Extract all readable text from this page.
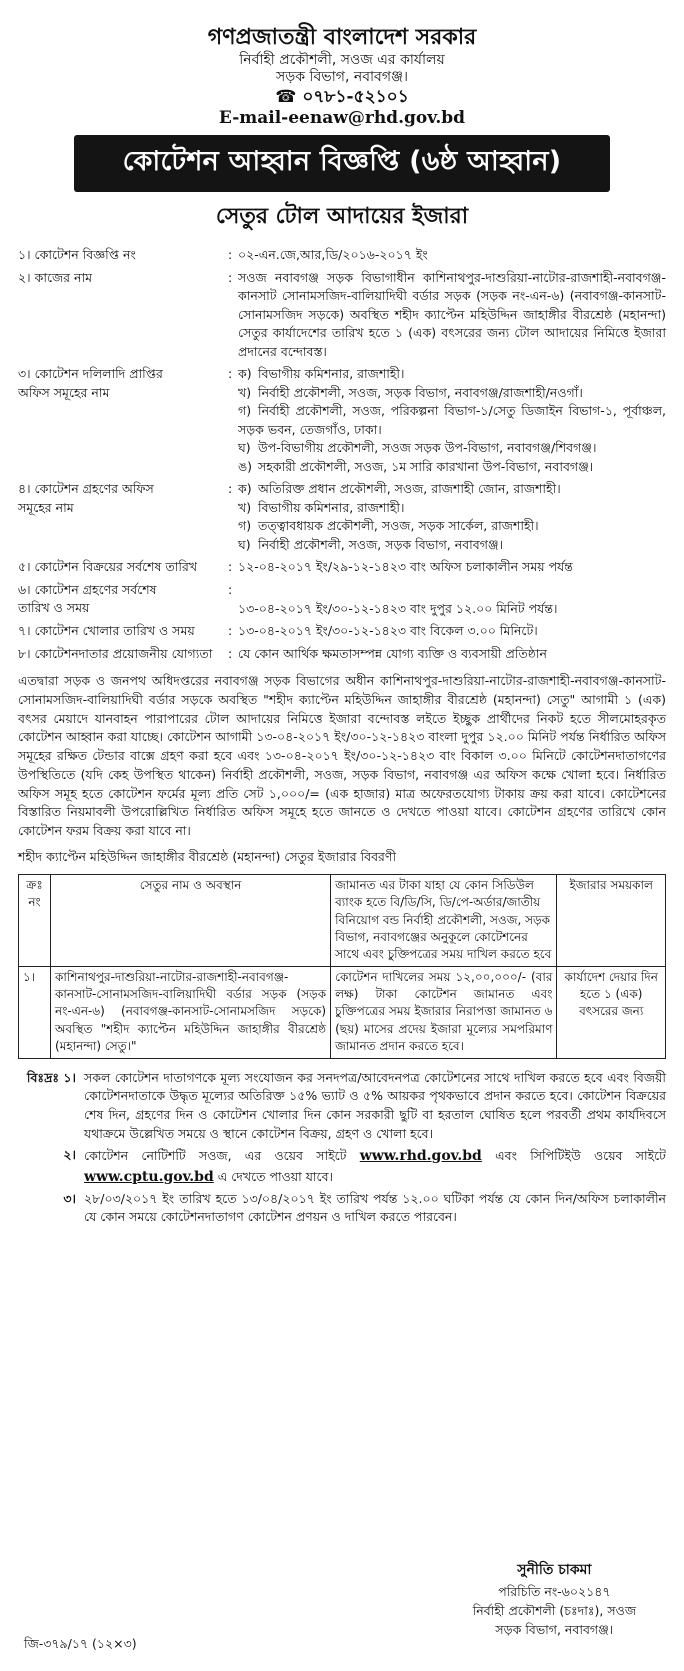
গণপ্রজাতন্ত্রী বাংলাদেশ সরকার
নির্বাহী প্রকৌশলী, সওজ এর কার্যালয়
সড়ক বিভাগ, নবাবগঞ্জ।
☎ ০৭৮১-৫২১০১
E-mail-eenaw@rhd.gov.bd
কোটেশন আহ্বান বিজ্ঞপ্তি (৬ষ্ঠ আহ্বান)
সেতুর টোল আদায়ের ইজারা
১। কোটেশন বিজ্ঞপ্তি নং	: ০২-এন.জে,আর,ডি/২০১৬-২০১৭ ইং
২। কাজের নাম	: সওজ নবাবগঞ্জ সড়ক বিভাগাধীন কাশিনাথপুর-দাশুরিয়া-নাটোর-রাজশাহী-নবাবগঞ্জ-কানসাট সোনামসজিদ-বালিয়াদিঘী বর্ডার সড়ক (সড়ক নং-এন-৬) (নবাবগঞ্জ-কানসাট-সোনামসজিদ সড়কে) অবস্থিত শহীদ ক্যাপ্টেন মহিউদ্দিন জাহাঙ্গীর বীরশ্রেষ্ঠ (মহানন্দা) সেতুর কার্যাদেশের তারিখ হতে ১ (এক) বৎসরের জন্য টোল আদায়ের নিমিত্তে ইজারা প্রদানের বন্দোবস্ত।
৩। কোটেশন দলিলাদি প্রাপ্তির
অফিস সমূহের নাম
: ক) বিভাগীয় কমিশনার, রাজশাহী।
খ) নির্বাহী প্রকৌশলী, সওজ, সড়ক বিভাগ, নবাবগঞ্জ/রাজশাহী/নওগাঁ।
গ) নির্বাহী প্রকৌশলী, সওজ, পরিকল্পনা বিভাগ-১/সেতু ডিজাইন বিভাগ-১, পূর্বাঞ্চল, সড়ক ভবন, তেজগাঁও, ঢাকা।
ঘ) উপ-বিভাগীয় প্রকৌশলী, সওজ সড়ক উপ-বিভাগ, নবাবগঞ্জ/শিবগঞ্জ।
ঙ) সহকারী প্রকৌশলী, সওজ, ১ম সারি কারখানা উপ-বিভাগ, নবাবগঞ্জ।
৪। কোটেশন গ্রহণের অফিস
সমূহের নাম
: ক) অতিরিক্ত প্রধান প্রকৌশলী, সওজ, রাজশাহী জোন, রাজশাহী।
খ) বিভাগীয় কমিশনার, রাজশাহী।
গ) তত্ত্বাবধায়ক প্রকৌশলী, সওজ, সড়ক সার্কেল, রাজশাহী।
ঘ) নির্বাহী প্রকৌশলী, সওজ, সড়ক বিভাগ, নবাবগঞ্জ।
৫। কোটেশন বিক্রয়ের সর্বশেষ তারিখ	: ১২-০৪-২০১৭ ইং/২৯-১২-১৪২৩ বাং অফিস চলাকালীন সময় পর্যন্ত
৬। কোটেশন গ্রহণের সর্বশেষ
তারিখ ও সময়
:
১৩-০৪-২০১৭ ইং/৩০-১২-১৪২৩ বাং দুপুর ১২.০০ মিনিট পর্যন্ত।
৭। কোটেশন খোলার তারিখ ও সময়	: ১৩-০৪-২০১৭ ইং/৩০-১২-১৪২৩ বাং বিকেল ৩.০০ মিনিটে।
৮। কোটেশনদাতার প্রয়োজনীয় যোগ্যতা	: যে কোন আর্থিক ক্ষমতাসম্পন্ন যোগ্য ব্যক্তি ও ব্যবসায়ী প্রতিষ্ঠান
এতদ্বারা সড়ক ও জনপথ অধিদপ্তরের নবাবগঞ্জ সড়ক বিভাগের অধীন কাশিনাথপুর-দাশুরিয়া-নাটোর-রাজশাহী-নবাবগঞ্জ-কানসাট-সোনামসজিদ-বালিয়াদিঘী বর্ডার সড়কে অবস্থিত "শহীদ ক্যাপ্টেন মহিউদ্দিন জাহাঙ্গীর বীরশ্রেষ্ঠ (মহানন্দা) সেতু" আগামী ১ (এক) বৎসর মেয়াদে যানবাহন পারাপারের টোল আদায়ের নিমিত্তে ইজারা বন্দোবস্ত লইতে ইচ্ছুক প্রার্থীদের নিকট হতে সীলমোহরকৃত কোটেশন আহ্বান করা যাচ্ছে। কোটেশন আগামী ১৩-০৪-২০১৭ ইং/৩০-১২-১৪২৩ বাংলা দুপুর ১২.০০ মিনিট পর্যন্ত নির্ধারিত অফিস সমূহের রক্ষিত টেন্ডার বাক্সে গ্রহণ করা হবে এবং ১৩-০৪-২০১৭ ইং/৩০-১২-১৪২৩ বাং বিকাল ৩.০০ মিনিটে কোটেশনদাতাগণের উপস্থিতিতে (যদি কেহ উপস্থিত থাকেন) নির্বাহী প্রকৌশলী, সওজ, সড়ক বিভাগ, নবাবগঞ্জ এর অফিস কক্ষে খোলা হবে। নির্ধারিত অফিস সমূহ হতে কোটেশন ফর্মের মূল্য প্রতি সেট ১,০০০/= (এক হাজার) মাত্র অফেরতযোগ্য টাকায় ক্রয় করা যাবে। কোটেশনের বিস্তারিত নিয়মাবলী উপরোল্লিখিত নির্ধারিত অফিস সমূহে হতে জানতে ও দেখতে পাওয়া যাবে। কোটেশন গ্রহণের তারিখে কোন কোটেশন ফরম বিক্রয় করা যাবে না।
শহীদ ক্যাপ্টেন মহিউদ্দিন জাহাঙ্গীর বীরশ্রেষ্ঠ (মহানন্দা) সেতুর ইজারার বিবরণী
ক্রঃ নং	সেতুর নাম ও অবস্থান	জামানত এর টাকা যাহা যে কোন সিডিউল ব্যাংক হতে বি/ডি/সি, ডি/পে-অর্ডার/জাতীয় বিনিয়োগ বন্ড নির্বাহী প্রকৌশলী, সওজ, সড়ক বিভাগ, নবাবগঞ্জের অনুকূলে কোটেশনের সাথে এবং চুক্তিপত্রের সময় দাখিল করতে হবে	ইজারার সময়কাল
১।	কাশিনাথপুর-দাশুরিয়া-নাটোর-রাজশাহী-নবাবগঞ্জ-কানসাট-সোনামসজিদ-বালিয়াদিঘী বর্ডার সড়ক (সড়ক নং-এন-৬) (নবাবগঞ্জ-কানসাট-সোনামসজিদ সড়কে) অবস্থিত "শহীদ ক্যাপ্টেন মহিউদ্দিন জাহাঙ্গীর বীরশ্রেষ্ঠ (মহানন্দা) সেতু।"	কোটেশন দাখিলের সময় ১২,০০,০০০/- (বার লক্ষ) টাকা কোটেশন জামানত এবং চুক্তিপত্রের সময় ইজারার নিরাপত্তা জামানত ৬ (ছয়) মাসের প্রদেয় ইজারা মূল্যের সমপরিমাণ জামানত প্রদান করতে হবে।	কার্যাদেশ দেয়ার দিন হতে ১ (এক) বৎসরের জন্য
বিঃদ্রঃ ১। সকল কোটেশন দাতাগণকে মূল্য সংযোজন কর সনদপত্র/আবেদনপত্র কোটেশনের সাথে দাখিল করতে হবে এবং বিজয়ী কোটেশনদাতাকে উদ্ধৃত মূল্যের অতিরিক্ত ১৫% ভ্যাট ও ৫% আয়কর পৃথকভাবে প্রদান করতে হবে। কোটেশন বিক্রয়ের শেষ দিন, গ্রহণের দিন ও কোটেশন খোলার দিন কোন সরকারী ছুটি বা হরতাল ঘোষিত হলে পরবর্তী প্রথম কার্যদিবসে যথাক্রমে উল্লেখিত সময়ে ও স্থানে কোটেশন বিক্রয়, গ্রহণ ও খোলা হবে।
২। কোটেশন নোটিশটি সওজ, এর ওয়েব সাইটে www.rhd.gov.bd এবং সিপিটিইউ ওয়েব সাইটে www.cptu.gov.bd এ দেখতে পাওয়া যাবে।
৩। ২৮/০৩/২০১৭ ইং তারিখ হতে ১৩/০৪/২০১৭ ইং তারিখ পর্যন্ত ১২.০০ ঘটিকা পর্যন্ত যে কোন দিন/অফিস চলাকালীন যে কোন সময়ে কোটেশনদাতাগণ কোটেশন প্রণয়ন ও দাখিল করতে পারবেন।
সুনীতি চাকমা
পরিচিতি নং-৬০২১৪৭
নির্বাহী প্রকৌশলী (চঃদাঃ), সওজ
সড়ক বিভাগ, নবাবগঞ্জ।
জি-৩৭৯/১৭ (১২×৩)
